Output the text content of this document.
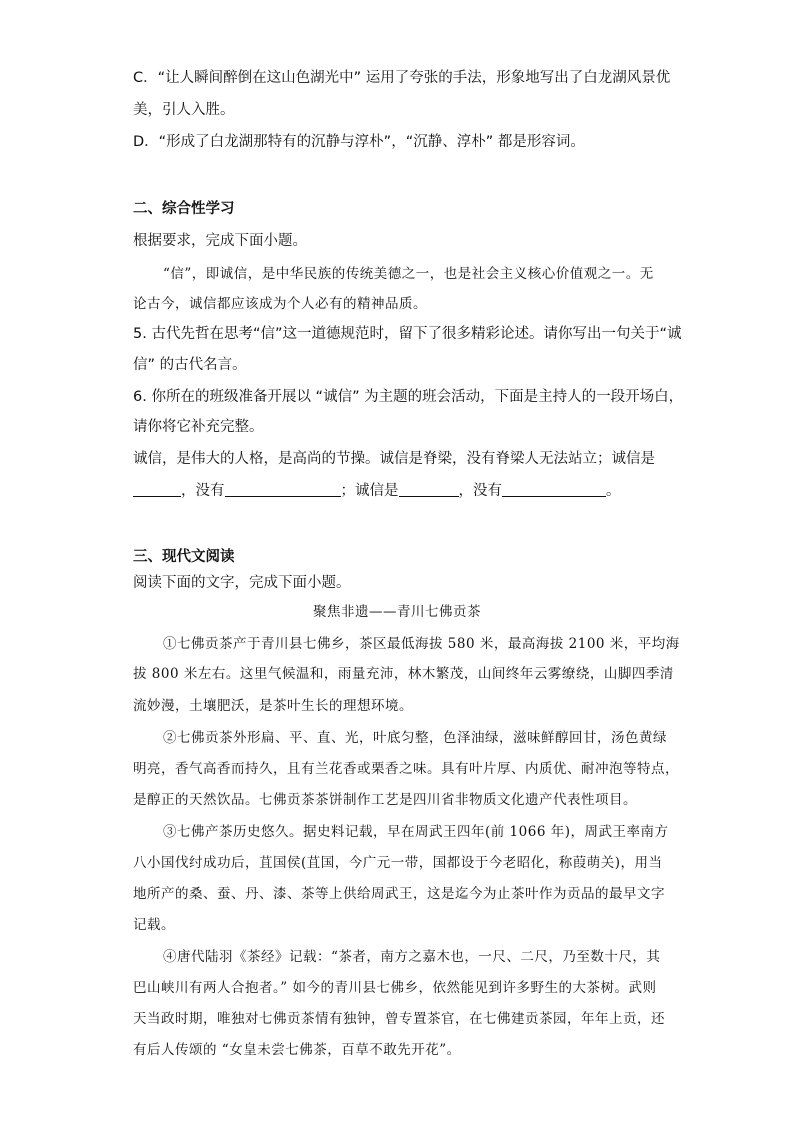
C．“让人瞬间醉倒在这山色湖光中” 运用了夸张的手法，形象地写出了白龙湖风景优
美，引人入胜。
D．“形成了白龙湖那特有的沉静与淳朴”，“沉静、淳朴” 都是形容词。
二、综合性学习
根据要求，完成下面小题。
“信”，即诚信，是中华民族的传统美德之一，也是社会主义核心价值观之一。无
论古今，诚信都应该成为个人必有的精神品质。
5. 古代先哲在思考“信”这一道德规范时，留下了很多精彩论述。请你写出一句关于“诚
信” 的古代名言。
6. 你所在的班级准备开展以 “诚信” 为主题的班会活动，下面是主持人的一段开场白，
请你将它补充完整。
诚信，是伟大的人格，是高尚的节操。诚信是脊梁，没有脊梁人无法站立；诚信是
，没有	；诚信是	，没有	。
三、现代文阅读
阅读下面的文字，完成下面小题。
聚焦非遗——青川七佛贡茶
①七佛贡茶产于青川县七佛乡，茶区最低海拔 580 米，最高海拔 2100 米，平均海
拔 800 米左右。这里气候温和，雨量充沛，林木繁茂，山间终年云雾缭绕，山脚四季清
流妙漫，土壤肥沃，是茶叶生长的理想环境。
②七佛贡茶外形扁、平、直、光，叶底匀整，色泽油绿，滋味鲜醇回甘，汤色黄绿
明亮，香气高香而持久，且有兰花香或栗香之味。具有叶片厚、内质优、耐冲泡等特点，
是醇正的天然饮品。七佛贡茶茶饼制作工艺是四川省非物质文化遗产代表性项目。
③七佛产茶历史悠久。据史料记载，早在周武王四年(前 1066 年)，周武王率南方
八小国伐纣成功后，苴国侯(苴国，今广元一带，国都设于今老昭化，称葭萌关)，用当
地所产的桑、蚕、丹、漆、茶等上供给周武王，这是迄今为止茶叶作为贡品的最早文字
记载。
④唐代陆羽《茶经》记载：“茶者，南方之嘉木也，一尺、二尺，乃至数十尺，其
巴山峡川有两人合抱者。” 如今的青川县七佛乡，依然能见到许多野生的大茶树。武则
天当政时期，唯独对七佛贡茶情有独钟，曾专置茶官，在七佛建贡茶园，年年上贡，还
有后人传颂的 “女皇未尝七佛茶，百草不敢先开花”。
